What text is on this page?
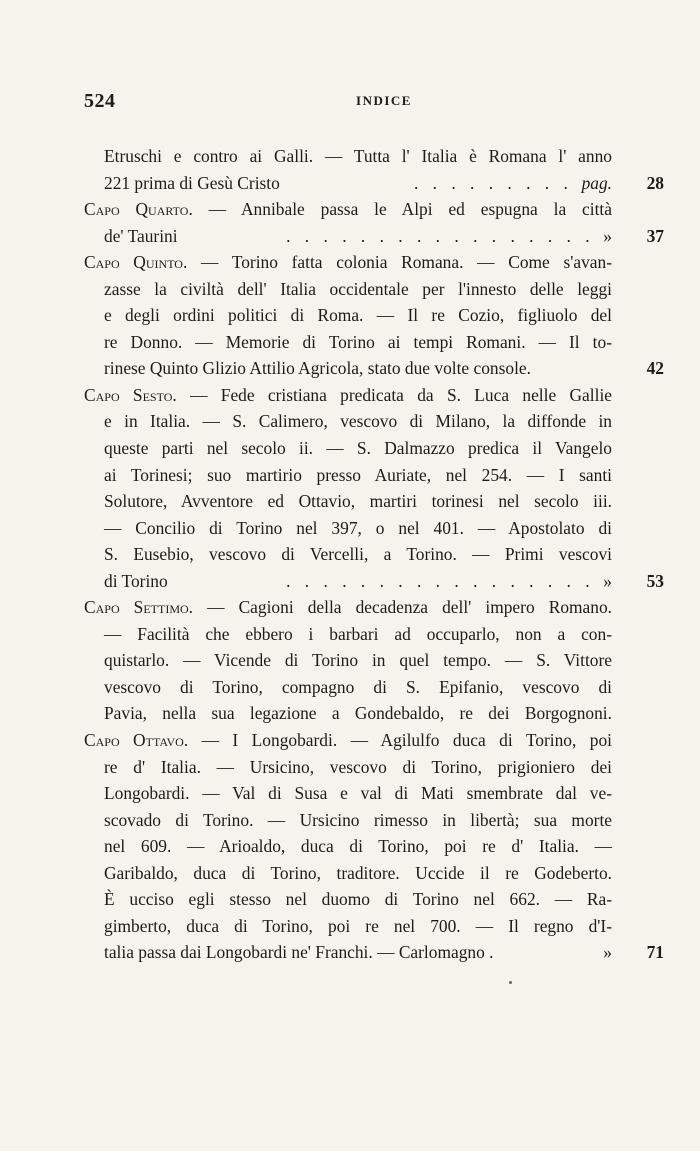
524	INDICE
Etruschi e contro ai Galli. — Tutta l' Italia è Romana l' anno
221 prima di Gesù Cristo	. . . . . . . . . pag. 28
Capo Quarto. — Annibale passa le Alpi ed espugna la città
de' Taurini	. . . . . . . . . . . . . . . . . » 37
Capo Quinto. — Torino fatta colonia Romana. — Come s'avan-
zasse la civiltà dell' Italia occidentale per l'innesto delle leggi
e degli ordini politici di Roma. — Il re Cozio, figliuolo del
re Donno. — Memorie di Torino ai tempi Romani. — Il to-
rinese Quinto Glizio Attilio Agricola, stato due volte console.	42
Capo Sesto. — Fede cristiana predicata da S. Luca nelle Gallie
e in Italia. — S. Calimero, vescovo di Milano, la diffonde in
queste parti nel secolo ii. — S. Dalmazzo predica il Vangelo
ai Torinesi; suo martirio presso Auriate, nel 254. — I santi
Solutore, Avventore ed Ottavio, martiri torinesi nel secolo iii.
— Concilio di Torino nel 397, o nel 401. — Apostolato di
S. Eusebio, vescovo di Vercelli, a Torino. — Primi vescovi
di Torino	. . . . . . . . . . . . . . . . . » 53
Capo Settimo. — Cagioni della decadenza dell' impero Romano.
— Facilità che ebbero i barbari ad occuparlo, non a con-
quistarlo. — Vicende di Torino in quel tempo. — S. Vittore
vescovo di Torino, compagno di S. Epifanio, vescovo di
Pavia, nella sua legazione a Gondebaldo, re dei Borgognoni.
Capo Ottavo. — I Longobardi. — Agilulfo duca di Torino, poi
re d' Italia. — Ursicino, vescovo di Torino, prigioniero dei
Longobardi. — Val di Susa e val di Mati smembrate dal ve-
scovado di Torino. — Ursicino rimesso in libertà; sua morte
nel 609. — Arioaldo, duca di Torino, poi re d' Italia. —
Garibaldo, duca di Torino, traditore. Uccide il re Godeberto.
È ucciso egli stesso nel duomo di Torino nel 662. — Ra-
gimberto, duca di Torino, poi re nel 700. — Il regno d'I-
talia passa dai Longobardi ne' Franchi. — Carlomagno .	» 71
